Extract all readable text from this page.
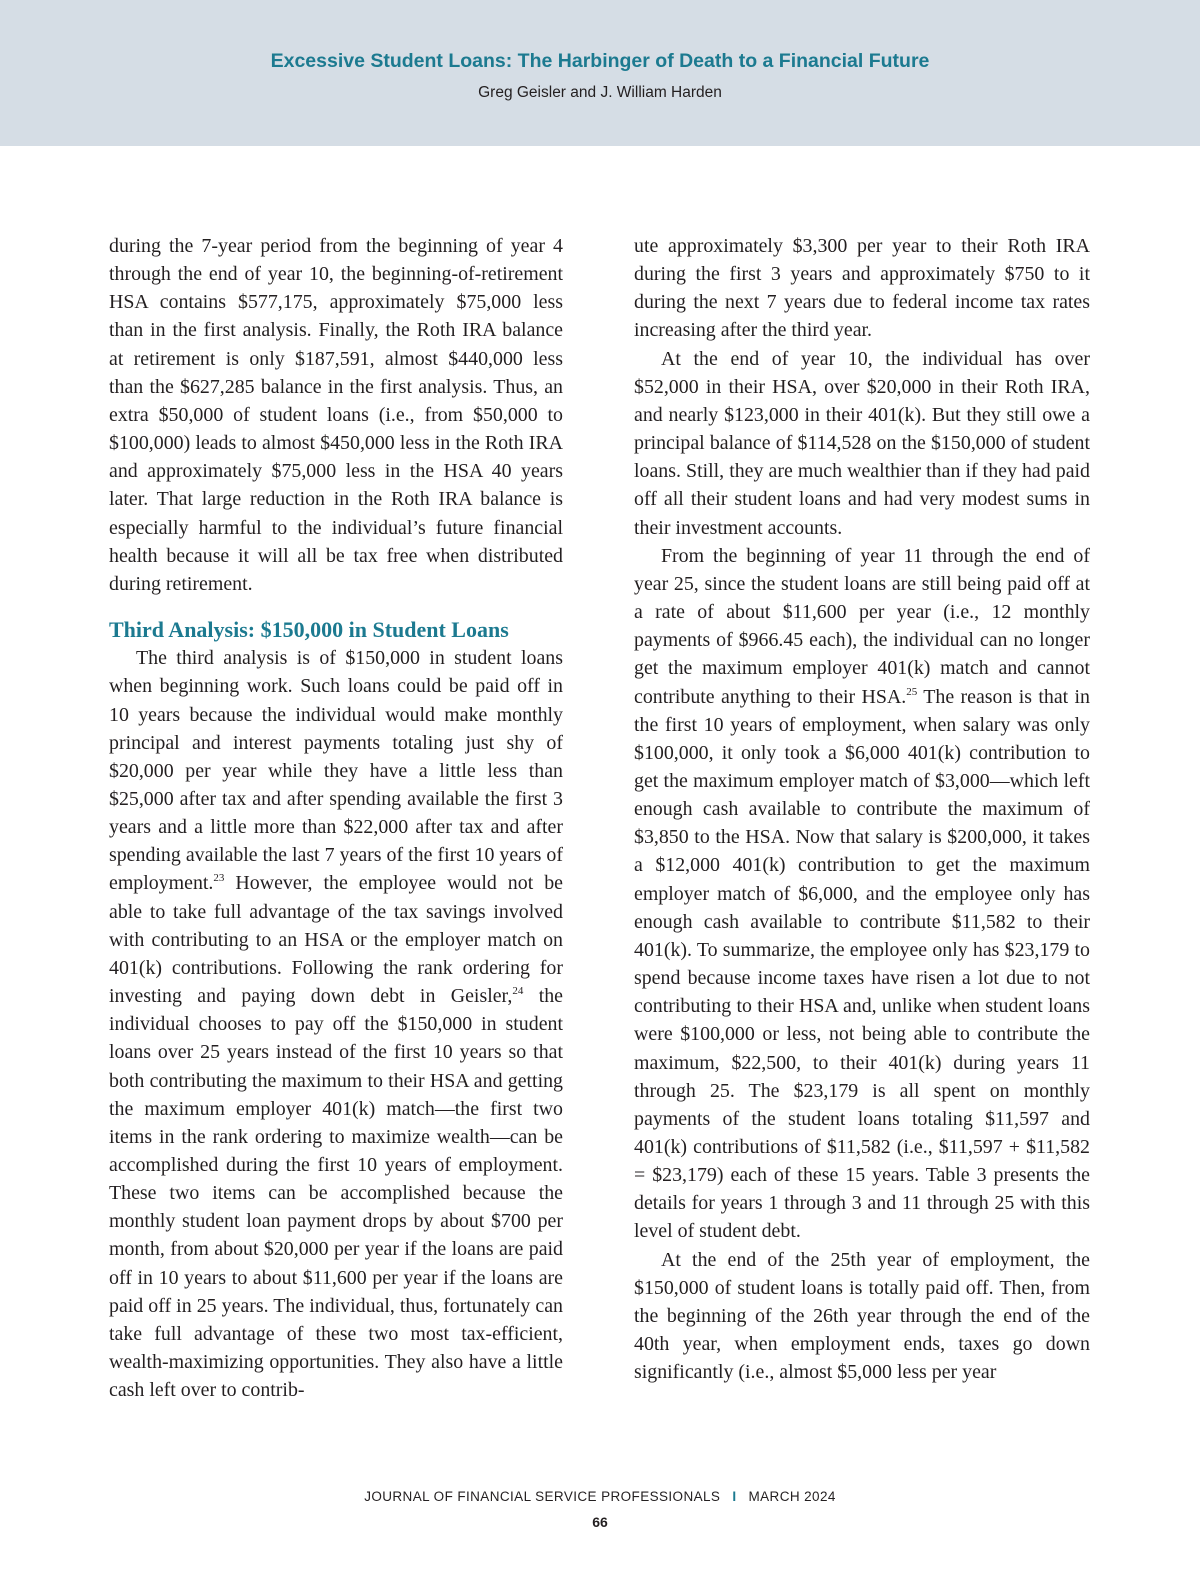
Excessive Student Loans: The Harbinger of Death to a Financial Future
Greg Geisler and J. William Harden

during the 7-year period from the beginning of year 4 through the end of year 10, the beginning-of-retirement HSA contains $577,175, approximately $75,000 less than in the first analysis. Finally, the Roth IRA balance at retirement is only $187,591, almost $440,000 less than the $627,285 balance in the first analysis. Thus, an extra $50,000 of student loans (i.e., from $50,000 to $100,000) leads to almost $450,000 less in the Roth IRA and approximately $75,000 less in the HSA 40 years later. That large reduction in the Roth IRA balance is especially harmful to the individual’s future financial health because it will all be tax free when distributed during retirement.

Third Analysis: $150,000 in Student Loans

The third analysis is of $150,000 in student loans when beginning work. Such loans could be paid off in 10 years because the individual would make monthly principal and interest payments totaling just shy of $20,000 per year while they have a little less than $25,000 after tax and after spending available the first 3 years and a little more than $22,000 after tax and after spending available the last 7 years of the first 10 years of employment.$^{23}$ However, the employee would not be able to take full advantage of the tax savings involved with contributing to an HSA or the employer match on 401(k) contributions. Following the rank ordering for investing and paying down debt in Geisler,$^{24}$ the individual chooses to pay off the $150,000 in student loans over 25 years instead of the first 10 years so that both contributing the maximum to their HSA and getting the maximum employer 401(k) match—the first two items in the rank ordering to maximize wealth—can be accomplished during the first 10 years of employment. These two items can be accomplished because the monthly student loan payment drops by about $700 per month, from about $20,000 per year if the loans are paid off in 10 years to about $11,600 per year if the loans are paid off in 25 years. The individual, thus, fortunately can take full advantage of these two most tax-efficient, wealth-maximizing opportunities. They also have a little cash left over to contrib-

ute approximately $3,300 per year to their Roth IRA during the first 3 years and approximately $750 to it during the next 7 years due to federal income tax rates increasing after the third year.

At the end of year 10, the individual has over $52,000 in their HSA, over $20,000 in their Roth IRA, and nearly $123,000 in their 401(k). But they still owe a principal balance of $114,528 on the $150,000 of student loans. Still, they are much wealthier than if they had paid off all their student loans and had very modest sums in their investment accounts.

From the beginning of year 11 through the end of year 25, since the student loans are still being paid off at a rate of about $11,600 per year (i.e., 12 monthly payments of $966.45 each), the individual can no longer get the maximum employer 401(k) match and cannot contribute anything to their HSA.$^{25}$ The reason is that in the first 10 years of employment, when salary was only $100,000, it only took a $6,000 401(k) contribution to get the maximum employer match of $3,000—which left enough cash available to contribute the maximum of $3,850 to the HSA. Now that salary is $200,000, it takes a $12,000 401(k) contribution to get the maximum employer match of $6,000, and the employee only has enough cash available to contribute $11,582 to their 401(k). To summarize, the employee only has $23,179 to spend because income taxes have risen a lot due to not contributing to their HSA and, unlike when student loans were $100,000 or less, not being able to contribute the maximum, $22,500, to their 401(k) during years 11 through 25. The $23,179 is all spent on monthly payments of the student loans totaling $11,597 and 401(k) contributions of $11,582 (i.e., $11,597 + $11,582 = $23,179) each of these 15 years. Table 3 presents the details for years 1 through 3 and 11 through 25 with this level of student debt.

At the end of the 25th year of employment, the $150,000 of student loans is totally paid off. Then, from the beginning of the 26th year through the end of the 40th year, when employment ends, taxes go down significantly (i.e., almost $5,000 less per year

JOURNAL OF FINANCIAL SERVICE PROFESSIONALS I MARCH 2024
66
